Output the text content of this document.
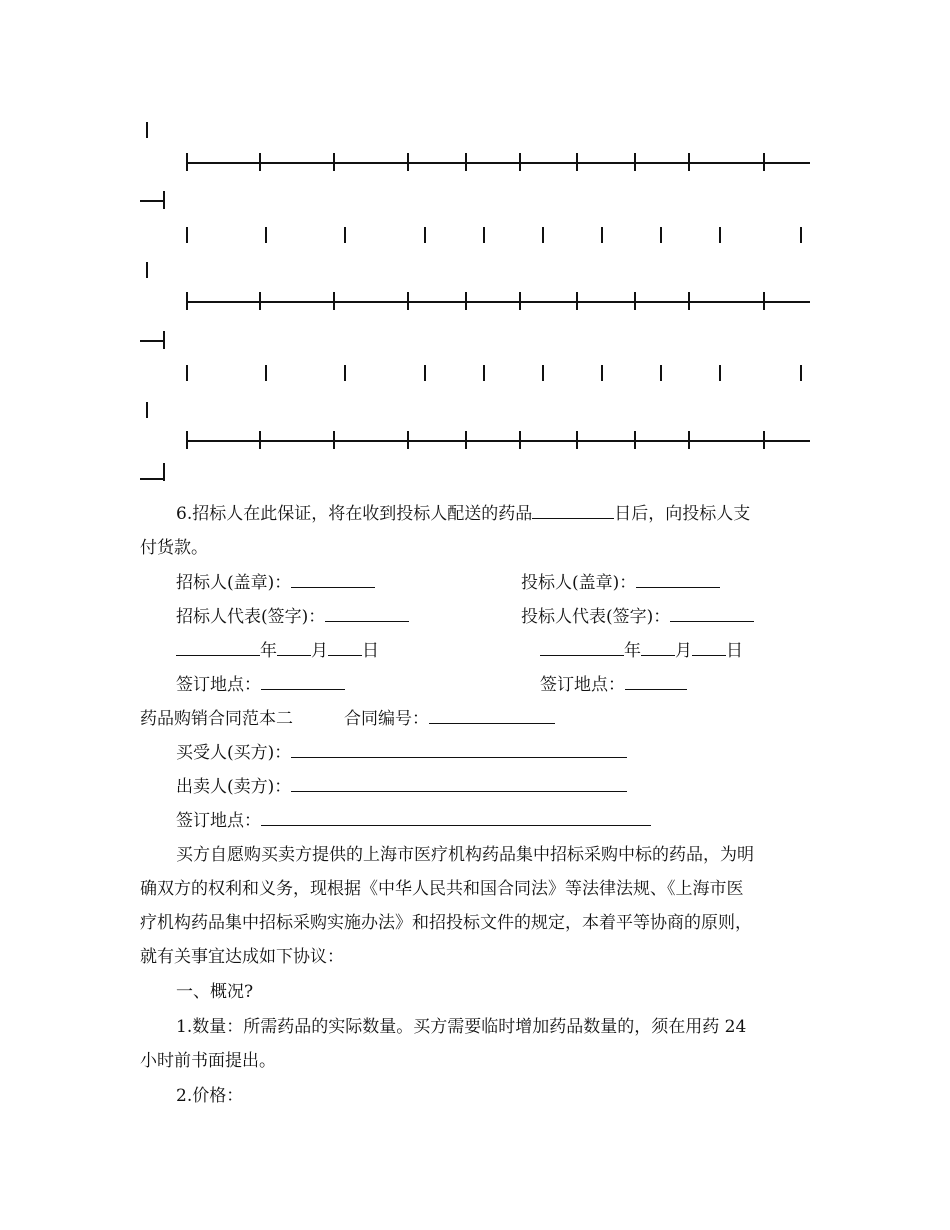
6.招标人在此保证，将在收到投标人配送的药品	日后，向投标人支
付货款。
招标人(盖章)：	投标人(盖章)：
招标人代表(签字)：	投标人代表(签字)：
年 月 日	年 月 日
签订地点：	签订地点：
药品购销合同范本二	合同编号：
买受人(买方)：
出卖人(卖方)：
签订地点：
买方自愿购买卖方提供的上海市医疗机构药品集中招标采购中标的药品，为明
确双方的权利和义务，现根据《中华人民共和国合同法》等法律法规、《上海市医
疗机构药品集中招标采购实施办法》和招投标文件的规定，本着平等协商的原则，
就有关事宜达成如下协议：
一、概况?
1.数量：所需药品的实际数量。买方需要临时增加药品数量的，须在用药 24
小时前书面提出。
2.价格：
